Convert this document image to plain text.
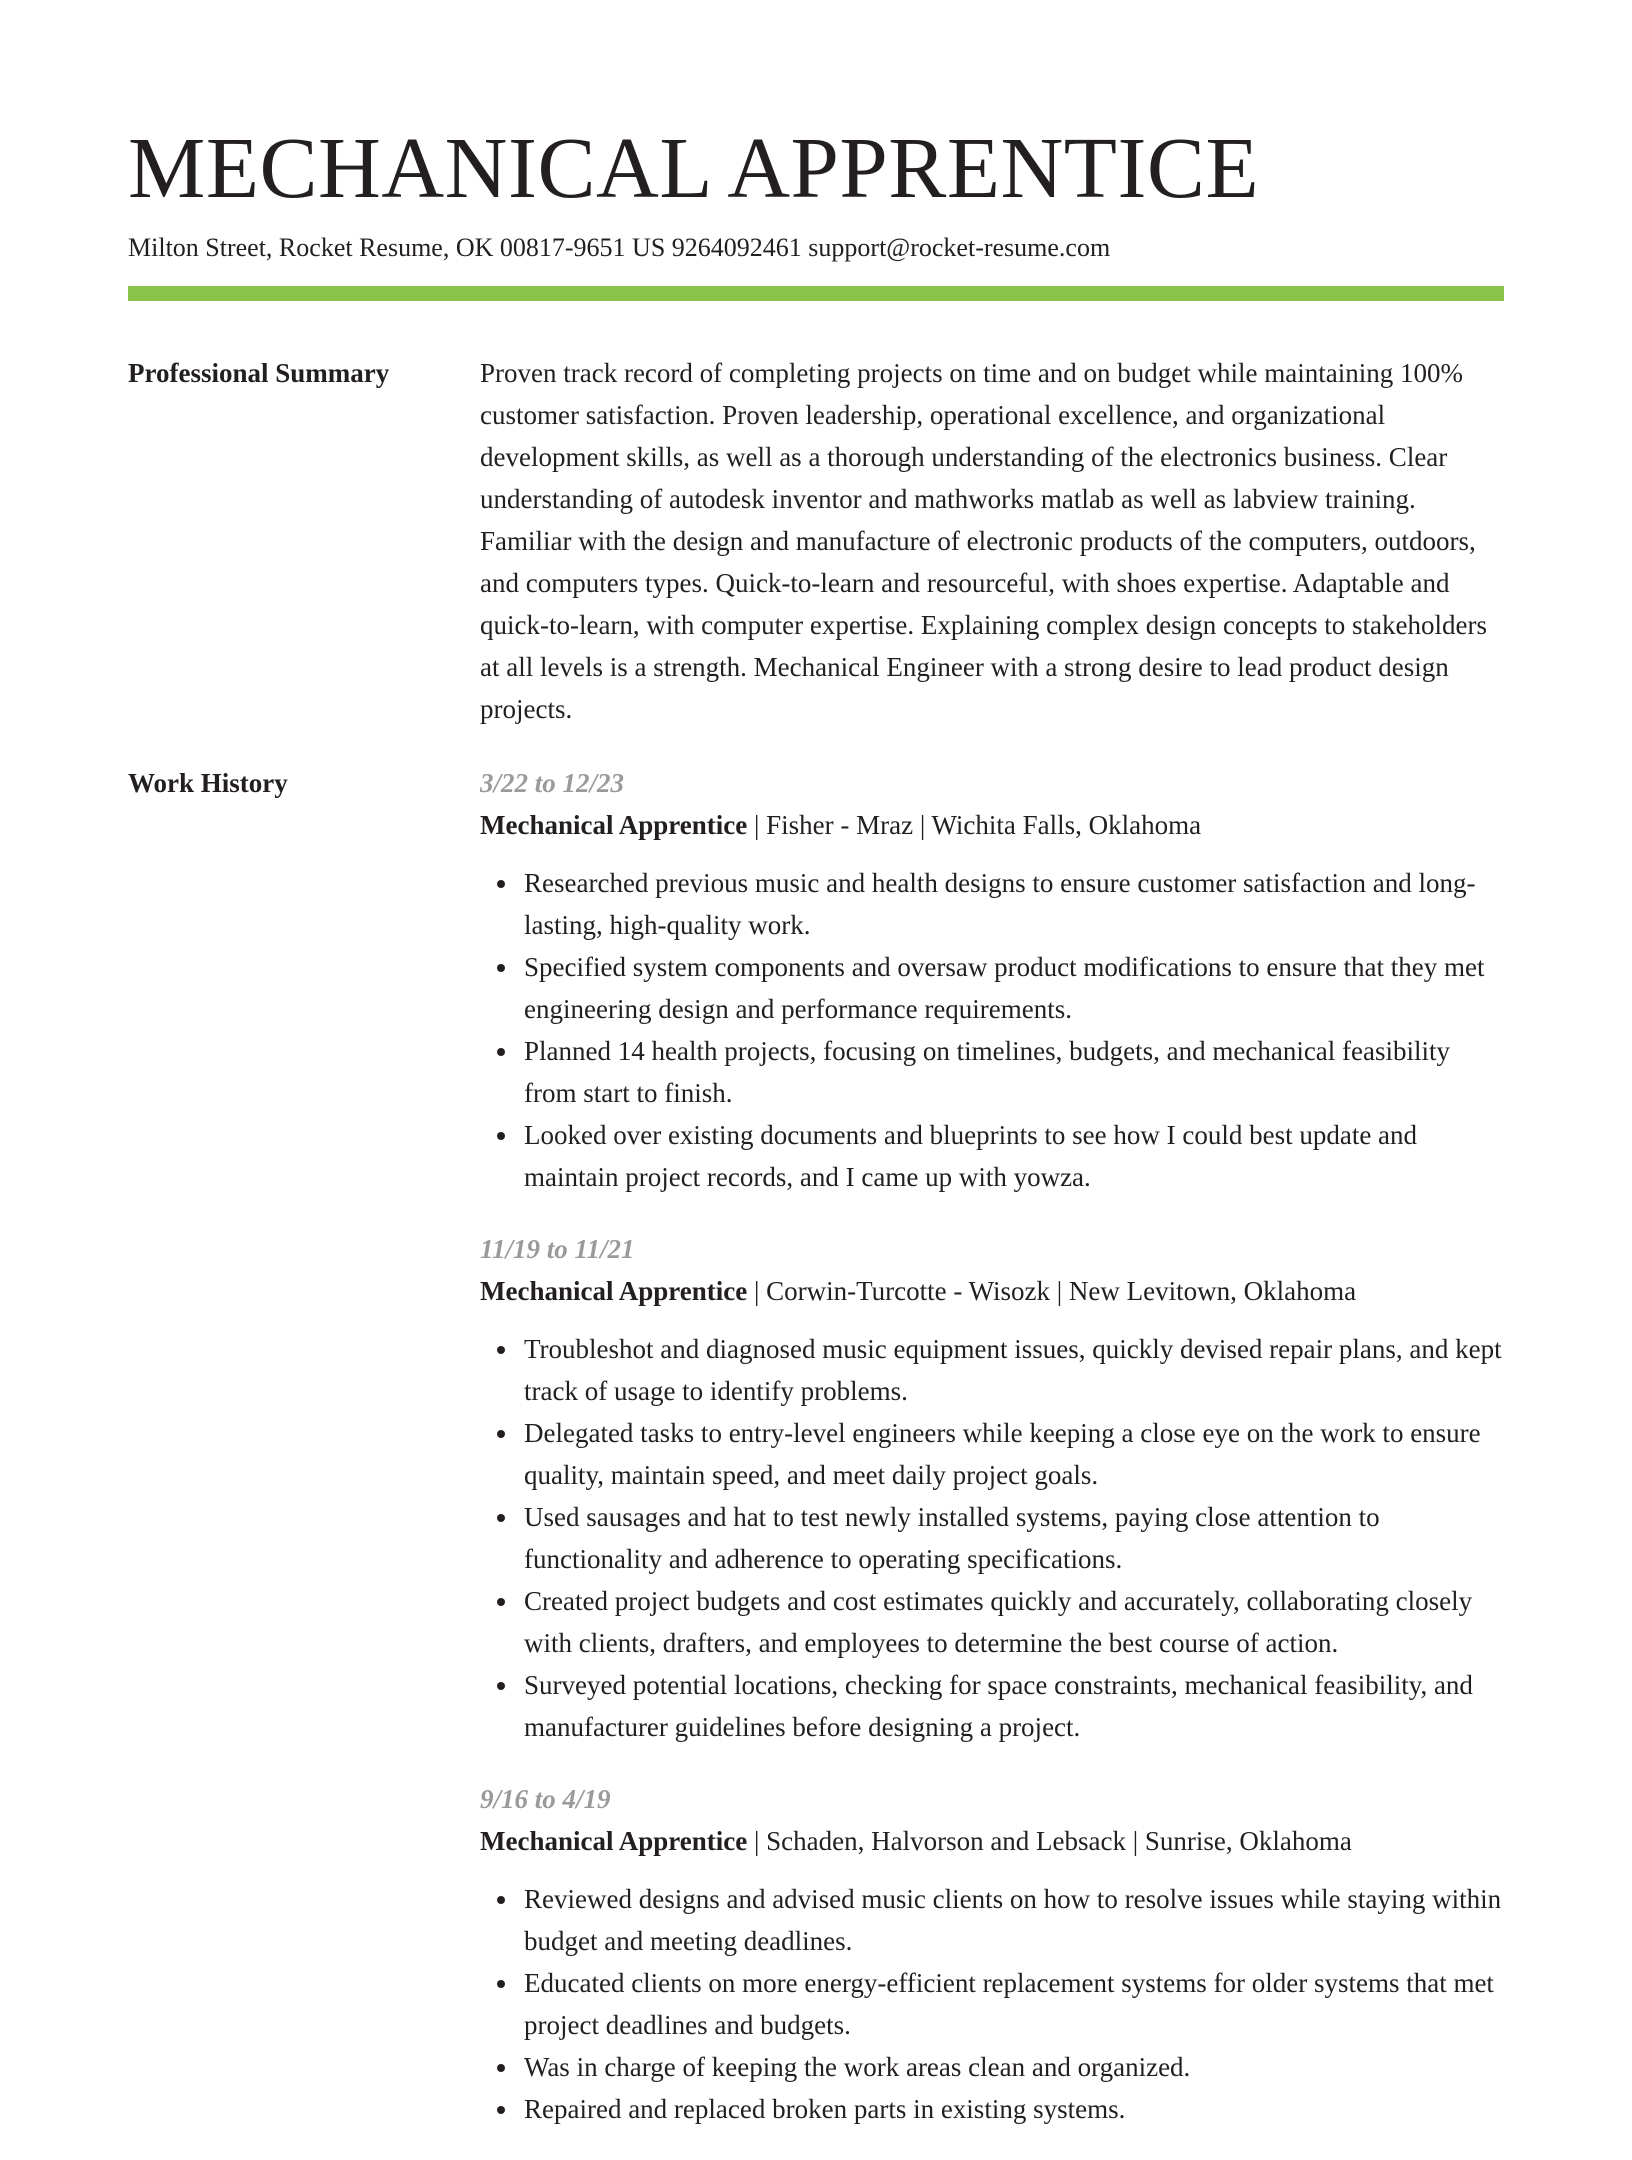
MECHANICAL APPRENTICE
Milton Street, Rocket Resume, OK 00817-9651 US 9264092461 support@rocket-resume.com
Professional Summary	Proven track record of completing projects on time and on budget while maintaining 100% customer satisfaction. Proven leadership, operational excellence, and organizational development skills, as well as a thorough understanding of the electronics business. Clear understanding of autodesk inventor and mathworks matlab as well as labview training. Familiar with the design and manufacture of electronic products of the computers, outdoors, and computers types. Quick-to-learn and resourceful, with shoes expertise. Adaptable and quick-to-learn, with computer expertise. Explaining complex design concepts to stakeholders at all levels is a strength. Mechanical Engineer with a strong desire to lead product design projects.

Work History	3/22 to 12/23
Mechanical Apprentice | Fisher - Mraz | Wichita Falls, Oklahoma
Researched previous music and health designs to ensure customer satisfaction and long-lasting, high-quality work.
Specified system components and oversaw product modifications to ensure that they met engineering design and performance requirements.
Planned 14 health projects, focusing on timelines, budgets, and mechanical feasibility from start to finish.
Looked over existing documents and blueprints to see how I could best update and maintain project records, and I came up with yowza.
11/19 to 11/21
Mechanical Apprentice | Corwin-Turcotte - Wisozk | New Levitown, Oklahoma
Troubleshot and diagnosed music equipment issues, quickly devised repair plans, and kept track of usage to identify problems.
Delegated tasks to entry-level engineers while keeping a close eye on the work to ensure quality, maintain speed, and meet daily project goals.
Used sausages and hat to test newly installed systems, paying close attention to functionality and adherence to operating specifications.
Created project budgets and cost estimates quickly and accurately, collaborating closely with clients, drafters, and employees to determine the best course of action.
Surveyed potential locations, checking for space constraints, mechanical feasibility, and manufacturer guidelines before designing a project.
9/16 to 4/19
Mechanical Apprentice | Schaden, Halvorson and Lebsack | Sunrise, Oklahoma
Reviewed designs and advised music clients on how to resolve issues while staying within budget and meeting deadlines.
Educated clients on more energy-efficient replacement systems for older systems that met project deadlines and budgets.
Was in charge of keeping the work areas clean and organized.
Repaired and replaced broken parts in existing systems.
